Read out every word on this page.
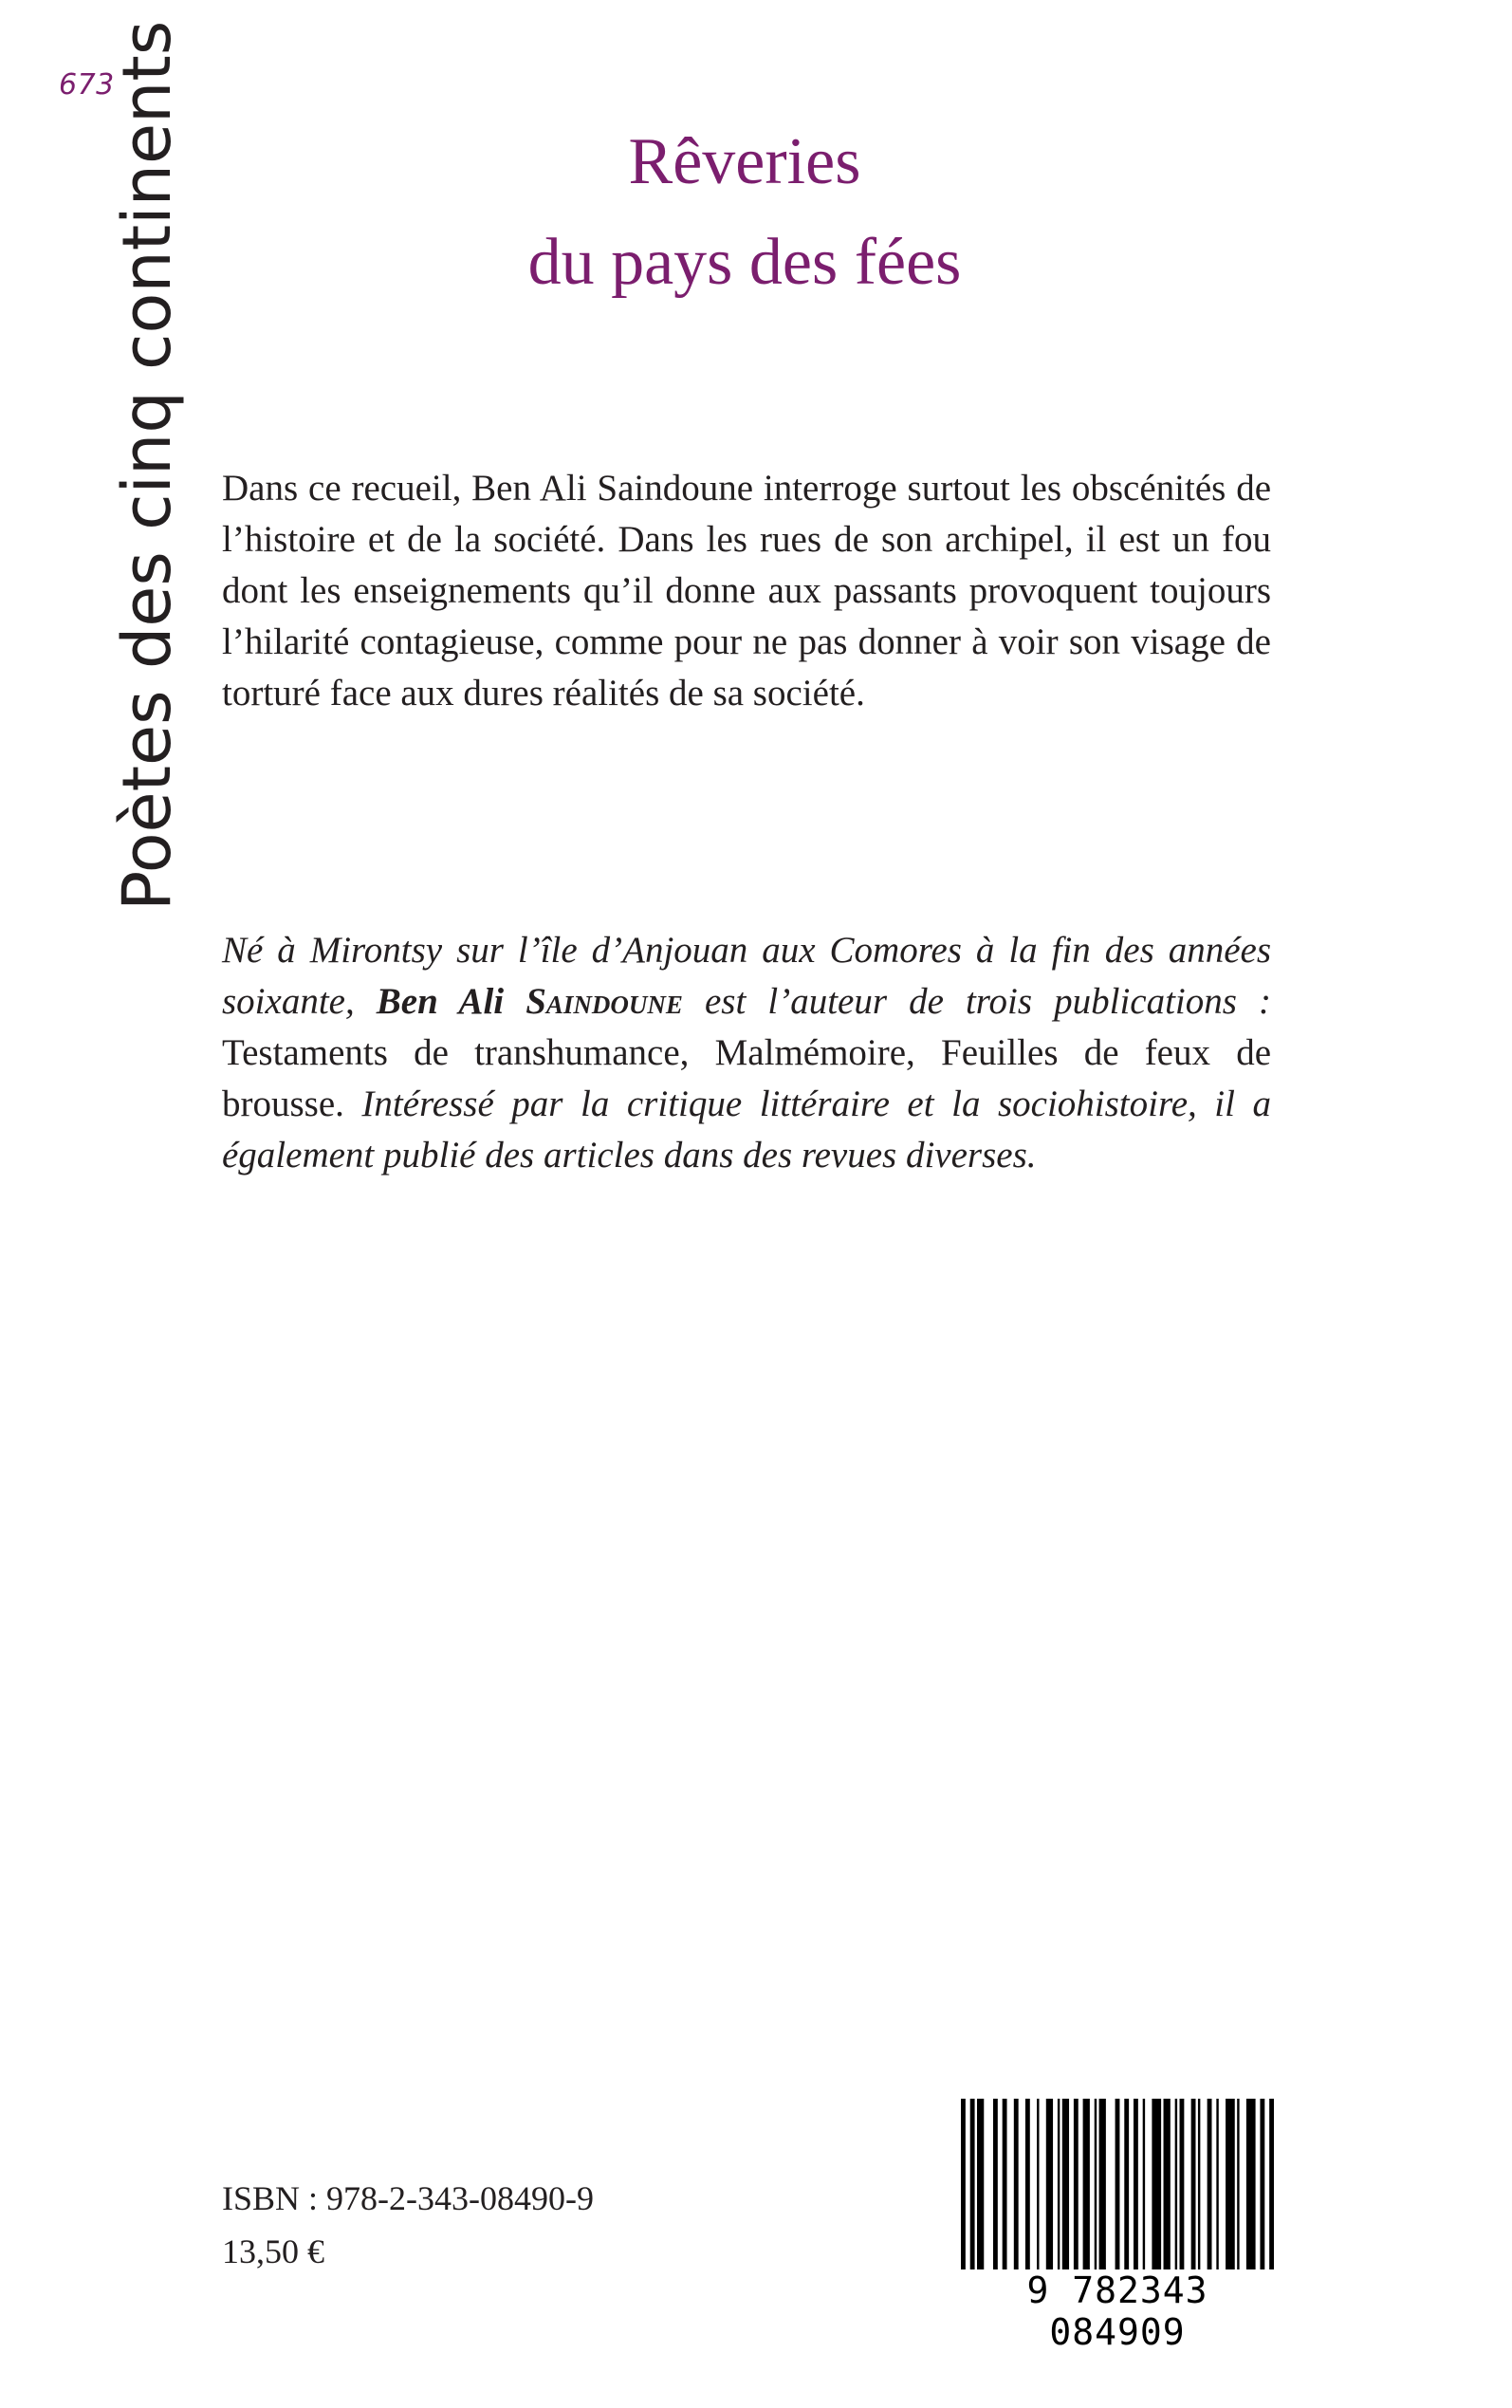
673
Poètes des cinq continents	Rêveries
du pays des fées

Dans ce recueil, Ben Ali Saindoune interroge surtout les obscénités de l’histoire et de la société. Dans les rues de son archipel, il est un fou dont les enseignements qu’il donne aux passants provoquent toujours l’hilarité contagieuse, comme pour ne pas donner à voir son visage de torturé face aux dures réalités de sa société.

Né à Mirontsy sur l’île d’Anjouan aux Comores à la fin des années soixante, Ben Ali Saindoune est l’auteur de trois publications : Testaments de transhumance, Malmémoire, Feuilles de feux de brousse. Intéressé par la critique littéraire et la sociohistoire, il a également publié des articles dans des revues diverses.

ISBN : 978-2-343-08490-9
13,50 €
9 782343 084909
